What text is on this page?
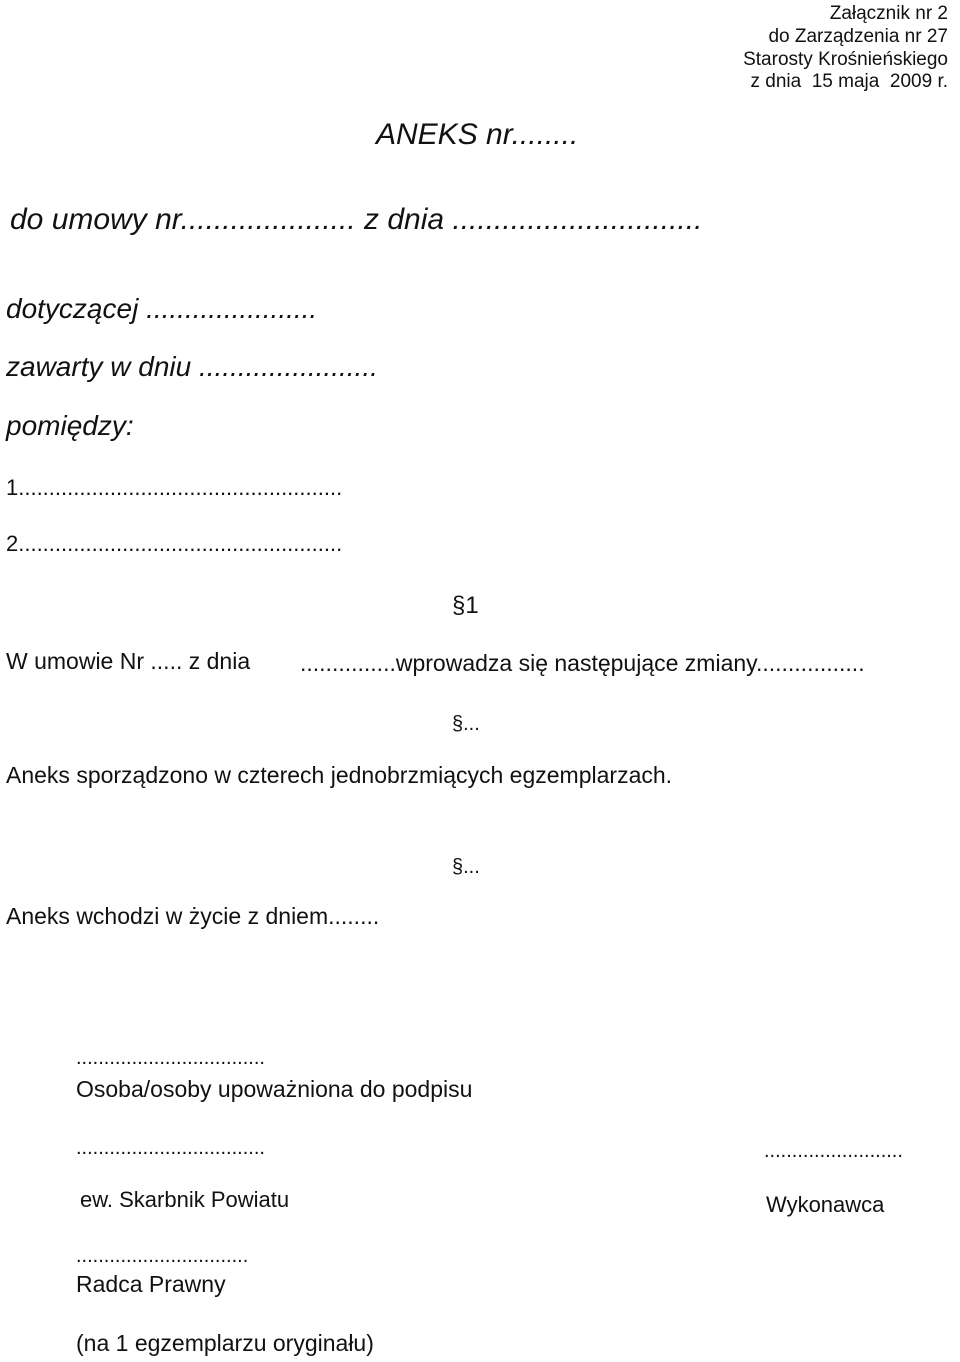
Załącznik nr 2
do Zarządzenia nr 27
Starosty Krośnieńskiego
z dnia  15 maja  2009 r.
ANEKS nr........
do umowy nr..................... z dnia ..............................
dotyczącej ......................
zawarty w dniu .......................
pomiędzy:
1.....................................................
2.....................................................
§1
W umowie Nr ..... z dnia ...............wprowadza się następujące zmiany.................
§...
Aneks sporządzono w czterech jednobrzmiących egzemplarzach.
§...
Aneks wchodzi w życie z dniem........
..................................
Osoba/osoby upoważniona do podpisu
..................................
ew. Skarbnik Powiatu
.........................
Wykonawca
...............................
Radca Prawny
(na 1 egzemplarzu oryginału)
